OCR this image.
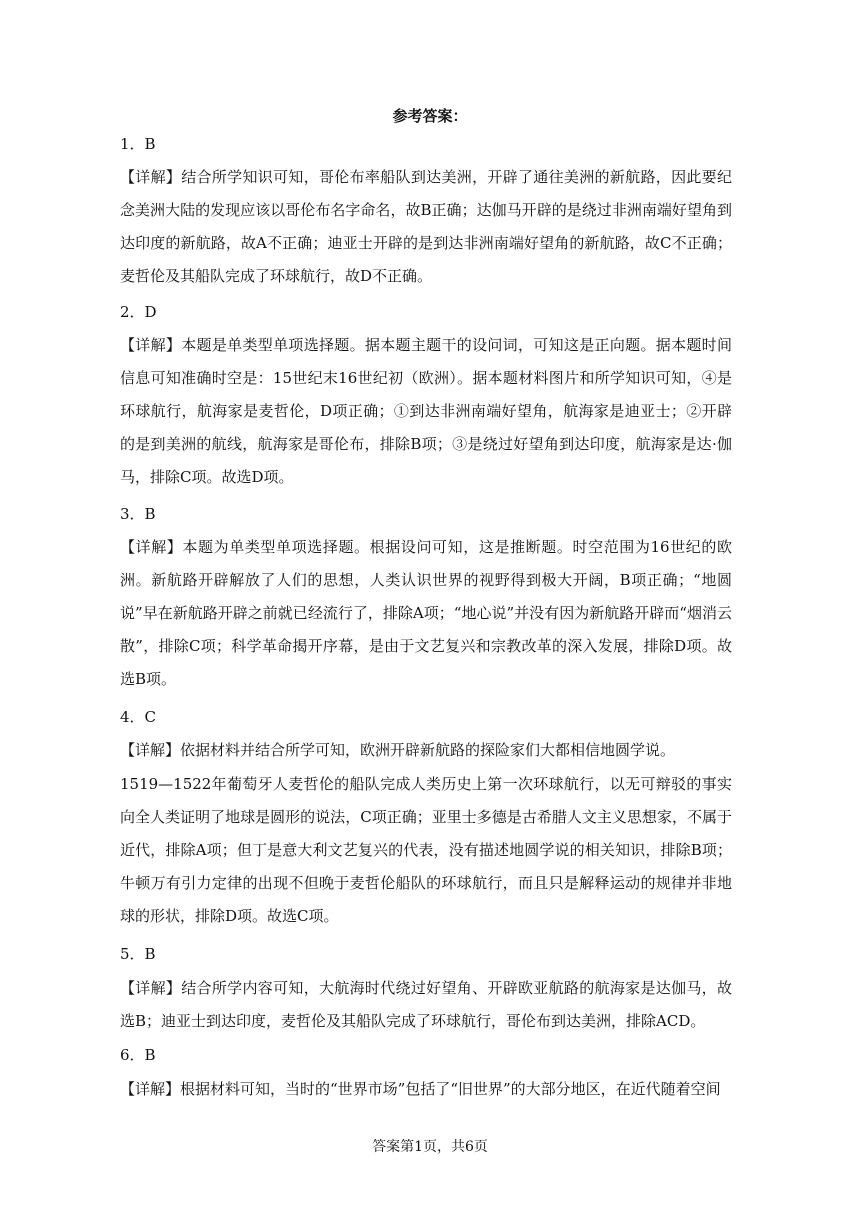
参考答案：
1．B

【详解】结合所学知识可知，哥伦布率船队到达美洲，开辟了通往美洲的新航路，因此要纪念美洲大陆的发现应该以哥伦布名字命名，故B正确；达伽马开辟的是绕过非洲南端好望角到达印度的新航路，故A不正确；迪亚士开辟的是到达非洲南端好望角的新航路，故C不正确；麦哲伦及其船队完成了环球航行，故D不正确。

2．D

【详解】本题是单类型单项选择题。据本题主题干的设问词，可知这是正向题。据本题时间信息可知准确时空是：15世纪末16世纪初（欧洲）。据本题材料图片和所学知识可知，④是环球航行，航海家是麦哲伦，D项正确；①到达非洲南端好望角，航海家是迪亚士；②开辟的是到美洲的航线，航海家是哥伦布，排除B项；③是绕过好望角到达印度，航海家是达·伽马，排除C项。故选D项。

3．B

【详解】本题为单类型单项选择题。根据设问可知，这是推断题。时空范围为16世纪的欧洲。新航路开辟解放了人们的思想，人类认识世界的视野得到极大开阔，B项正确；“地圆说”早在新航路开辟之前就已经流行了，排除A项；“地心说”并没有因为新航路开辟而“烟消云散”，排除C项；科学革命揭开序幕，是由于文艺复兴和宗教改革的深入发展，排除D项。故选B项。

4．C

【详解】依据材料并结合所学可知，欧洲开辟新航路的探险家们大都相信地圆学说。

1519—1522年葡萄牙人麦哲伦的船队完成人类历史上第一次环球航行，以无可辩驳的事实向全人类证明了地球是圆形的说法，C项正确；亚里士多德是古希腊人文主义思想家，不属于近代，排除A项；但丁是意大利文艺复兴的代表，没有描述地圆学说的相关知识，排除B项；牛顿万有引力定律的出现不但晚于麦哲伦船队的环球航行，而且只是解释运动的规律并非地球的形状，排除D项。故选C项。

5．B

【详解】结合所学内容可知，大航海时代绕过好望角、开辟欧亚航路的航海家是达伽马，故选B；迪亚士到达印度，麦哲伦及其船队完成了环球航行，哥伦布到达美洲，排除ACD。

6．B

【详解】根据材料可知，当时的“世界市场”包括了“旧世界”的大部分地区，在近代随着空间

答案第1页，共6页
